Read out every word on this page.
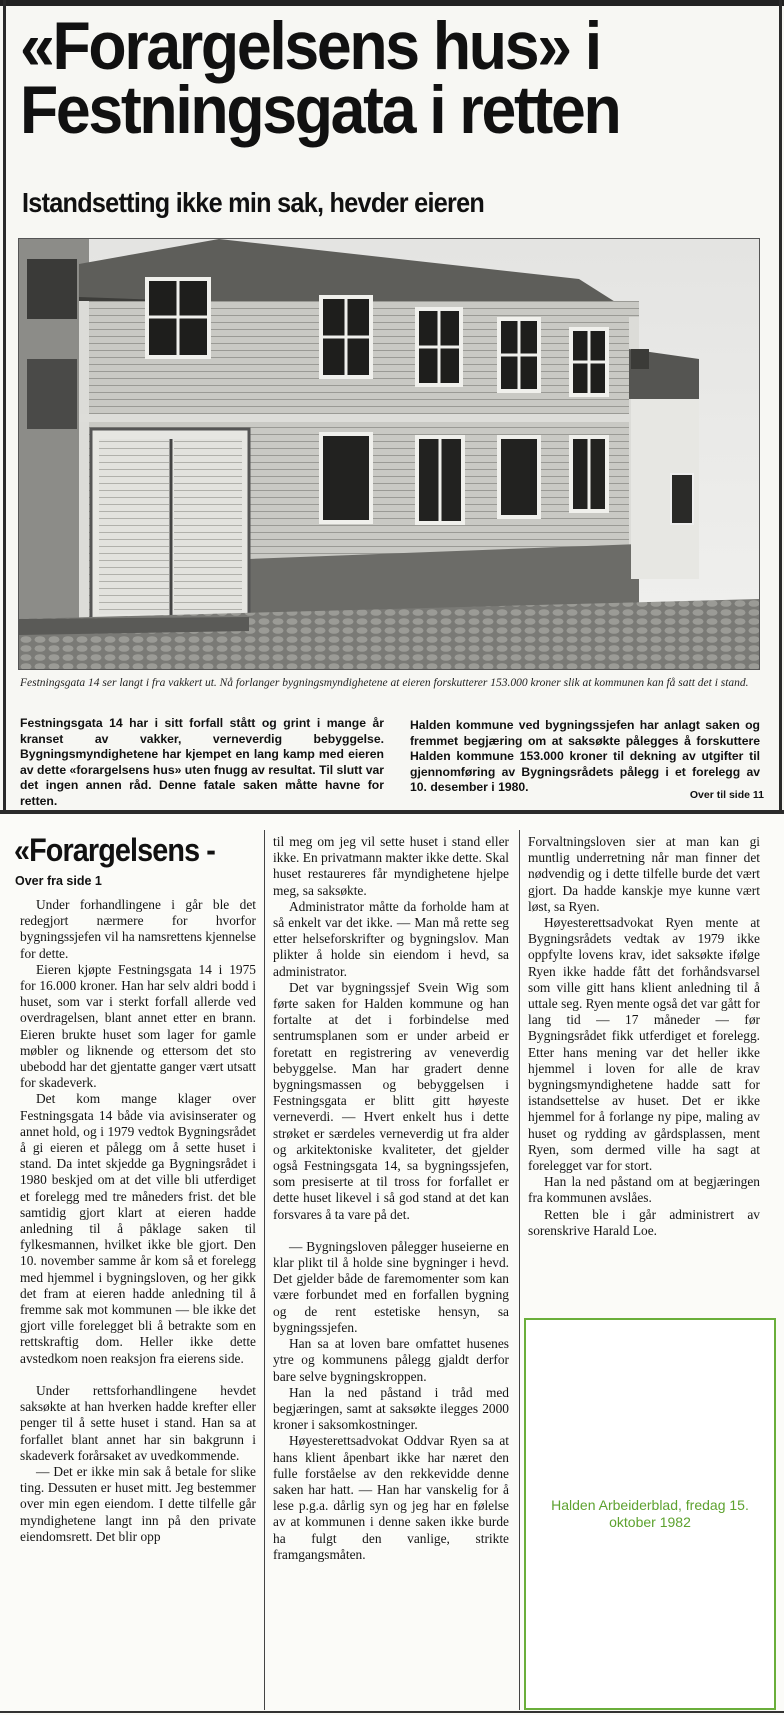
«Forargelsens hus» i
Festningsgata i retten
Istandsetting ikke min sak, hevder eieren
Festningsgata 14 ser langt i fra vakkert ut. Nå forlanger bygningsmyndighetene at eieren forskutterer 153.000 kroner slik at kommunen kan få satt det i stand.
Festningsgata 14 har i sitt forfall stått og grint i mange år kranset av vakker, verneverdig bebyggelse. Bygningsmyndighetene har kjempet en lang kamp med eieren av dette «forargelsens hus» uten fnugg av resultat. Til slutt var det ingen annen råd. Denne fatale saken måtte havne for retten.
Halden kommune ved bygningssjefen har anlagt saken og fremmet begjæring om at saksøkte pålegges å forskuttere Halden kommune 153.000 kroner til dekning av utgifter til gjennomføring av Bygningsrådets pålegg i et forelegg av 10. desember i 1980.
Over til side 11
«Forargelsens -
Over fra side 1

Under forhandlingene i går ble det redegjort nærmere for hvorfor bygningssjefen vil ha namsrettens kjennelse for dette.

Eieren kjøpte Festningsgata 14 i 1975 for 16.000 kroner. Han har selv aldri bodd i huset, som var i sterkt forfall allerde ved overdragelsen, blant annet etter en brann. Eieren brukte huset som lager for gamle møbler og liknende og ettersom det sto ubebodd har det gjentatte ganger vært utsatt for skadeverk.

Det kom mange klager over Festningsgata 14 både via avisinserater og annet hold, og i 1979 vedtok Bygningsrådet å gi eieren et pålegg om å sette huset i stand. Da intet skjedde ga Bygningsrådet i 1980 beskjed om at det ville bli utferdiget et forelegg med tre måneders frist. det ble samtidig gjort klart at eieren hadde anledning til å påklage saken til fylkesmannen, hvilket ikke ble gjort. Den 10. november samme år kom så et forelegg med hjemmel i bygningsloven, og her gikk det fram at eieren hadde anledning til å fremme sak mot kommunen — ble ikke det gjort ville forelegget bli å betrakte som en rettskraftig dom. Heller ikke dette avstedkom noen reaksjon fra eierens side.

Under rettsforhandlingene hevdet saksøkte at han hverken hadde krefter eller penger til å sette huset i stand. Han sa at forfallet blant annet har sin bakgrunn i skadeverk forårsaket av uvedkommende.

— Det er ikke min sak å betale for slike ting. Dessuten er huset mitt. Jeg bestemmer over min egen eiendom. I dette tilfelle går myndighetene langt inn på den private eiendomsrett. Det blir opp

til meg om jeg vil sette huset i stand eller ikke. En privatmann makter ikke dette. Skal huset restaureres får myndighetene hjelpe meg, sa saksøkte.

Administrator måtte da forholde ham at så enkelt var det ikke. — Man må rette seg etter helseforskrifter og bygningslov. Man plikter å holde sin eiendom i hevd, sa administrator.

Det var bygningssjef Svein Wig som førte saken for Halden kommune og han fortalte at det i forbindelse med sentrumsplanen som er under arbeid er foretatt en registrering av veneverdig bebyggelse. Man har gradert denne bygningsmassen og bebyggelsen i Festningsgata er blitt gitt høyeste verneverdi. — Hvert enkelt hus i dette strøket er særdeles verneverdig ut fra alder og arkitektoniske kvaliteter, det gjelder også Festningsgata 14, sa bygningssjefen, som presiserte at til tross for forfallet er dette huset likevel i så god stand at det kan forsvares å ta vare på det.

— Bygningsloven pålegger huseierne en klar plikt til å holde sine bygninger i hevd. Det gjelder både de faremomenter som kan være forbundet med en forfallen bygning og de rent estetiske hensyn, sa bygningssjefen.

Han sa at loven bare omfattet husenes ytre og kommunens pålegg gjaldt derfor bare selve bygningskroppen.

Han la ned påstand i tråd med begjæringen, samt at saksøkte ilegges 2000 kroner i saksomkostninger.

Høyesterettsadvokat Oddvar Ryen sa at hans klient åpenbart ikke har næret den fulle forståelse av den rekkevidde denne saken har hatt. — Han har vanskelig for å lese p.g.a. dårlig syn og jeg har en følelse av at kommunen i denne saken ikke burde ha fulgt den vanlige, strikte framgangsmåten.

Forvaltningsloven sier at man kan gi muntlig underretning når man finner det nødvendig og i dette tilfelle burde det vært gjort. Da hadde kanskje mye kunne vært løst, sa Ryen.

Høyesterettsadvokat Ryen mente at Bygningsrådets vedtak av 1979 ikke oppfylte lovens krav, idet saksøkte ifølge Ryen ikke hadde fått det forhåndsvarsel som ville gitt hans klient anledning til å uttale seg. Ryen mente også det var gått for lang tid — 17 måneder — før Bygningsrådet fikk utferdiget et forelegg. Etter hans mening var det heller ikke hjemmel i loven for alle de krav bygningsmyndighetene hadde satt for istandsettelse av huset. Det er ikke hjemmel for å forlange ny pipe, maling av huset og rydding av gårdsplassen, ment Ryen, som dermed ville ha sagt at forelegget var for stort.

Han la ned påstand om at begjæringen fra kommunen avslåes.

Retten ble i går administrert av sorenskrive Harald Loe.

Halden Arbeiderblad, fredag 15. oktober 1982
